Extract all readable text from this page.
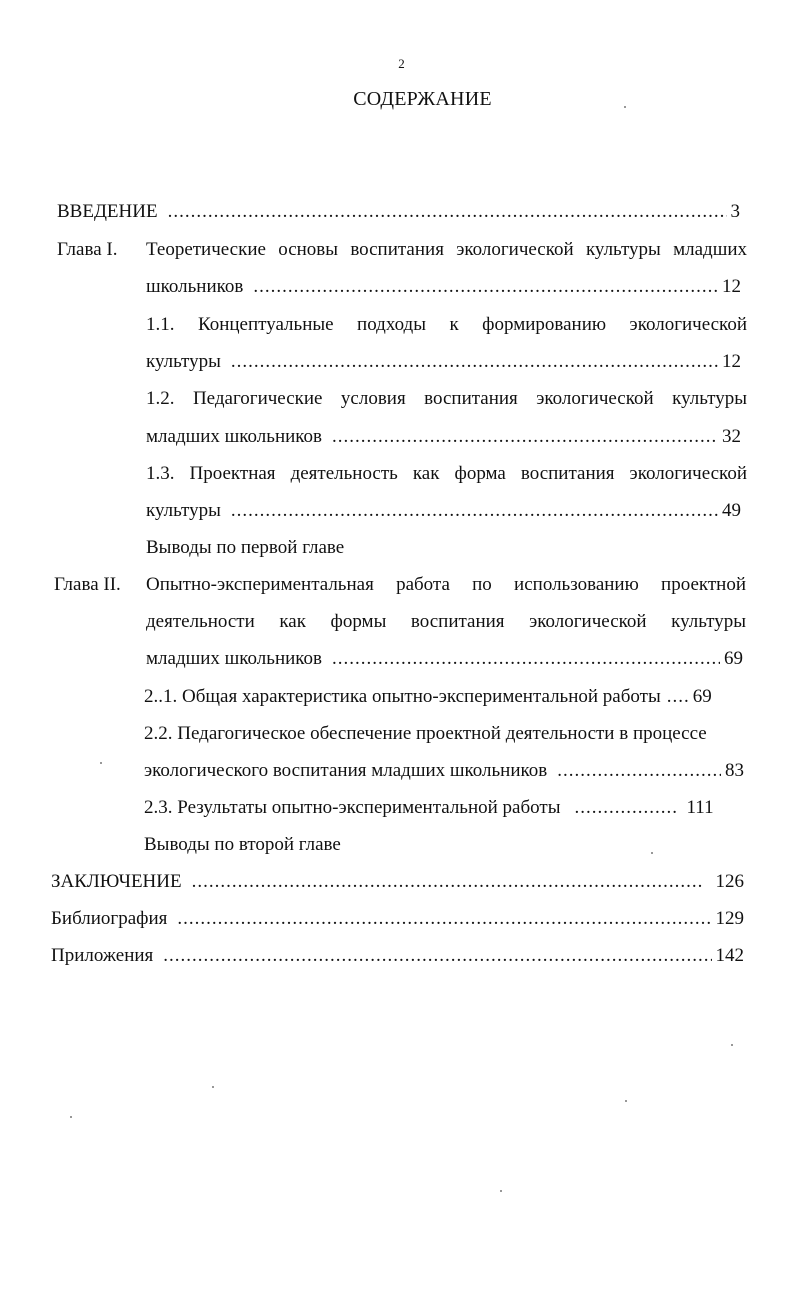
2
СОДЕРЖАНИЕ
ВВЕДЕНИЕ .....	3
Глава I. Теоретические основы воспитания экологической культуры младших
школьников .....	12
1.1. Концептуальные подходы к формированию экологической
культуры .....	12
1.2. Педагогические условия воспитания экологической культуры
младших школьников .....	32
1.3. Проектная деятельность как форма воспитания экологической
культуры .....	49
Выводы по первой главе
Глава II. Опытно-экспериментальная работа по использованию проектной
деятельности как формы воспитания экологической культуры
младших школьников .....	69
2..1. Общая характеристика опытно-экспериментальной работы ..... 69
2.2. Педагогическое обеспечение проектной деятельности в процессе
экологического воспитания младших школьников .....	83
2.3. Результаты опытно-экспериментальной работы .....	111
Выводы по второй главе
ЗАКЛЮЧЕНИЕ .....	126
Библиография .....	129
Приложения .....	142
